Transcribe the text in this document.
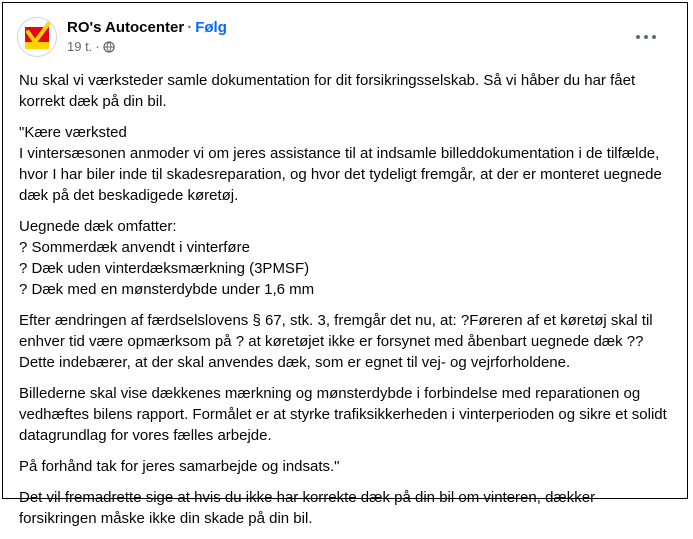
RO's Autocenter · Følg
19 t. ·

Nu skal vi værksteder samle dokumentation for dit forsikringsselskab. Så vi håber du har fået korrekt dæk på din bil.

"Kære værksted
I vintersæsonen anmoder vi om jeres assistance til at indsamle billeddokumentation i de tilfælde, hvor I har biler inde til skadesreparation, og hvor det tydeligt fremgår, at der er monteret uegnede dæk på det beskadigede køretøj.

Uegnede dæk omfatter:
? Sommerdæk anvendt i vinterføre
? Dæk uden vinterdæksmærkning (3PMSF)
? Dæk med en mønsterdybde under 1,6 mm

Efter ændringen af færdselslovens § 67, stk. 3, fremgår det nu, at: ?Føreren af et køretøj skal til enhver tid være opmærksom på ? at køretøjet ikke er forsynet med åbenbart uegnede dæk ?? Dette indebærer, at der skal anvendes dæk, som er egnet til vej- og vejrforholdene.

Billederne skal vise dækkenes mærkning og mønsterdybde i forbindelse med reparationen og vedhæftes bilens rapport. Formålet er at styrke trafiksikkerheden i vinterperioden og sikre et solidt datagrundlag for vores fælles arbejde.

På forhånd tak for jeres samarbejde og indsats."

Det vil fremadrette sige at hvis du ikke har korrekte dæk på din bil om vinteren, dækker forsikringen måske ikke din skade på din bil.
